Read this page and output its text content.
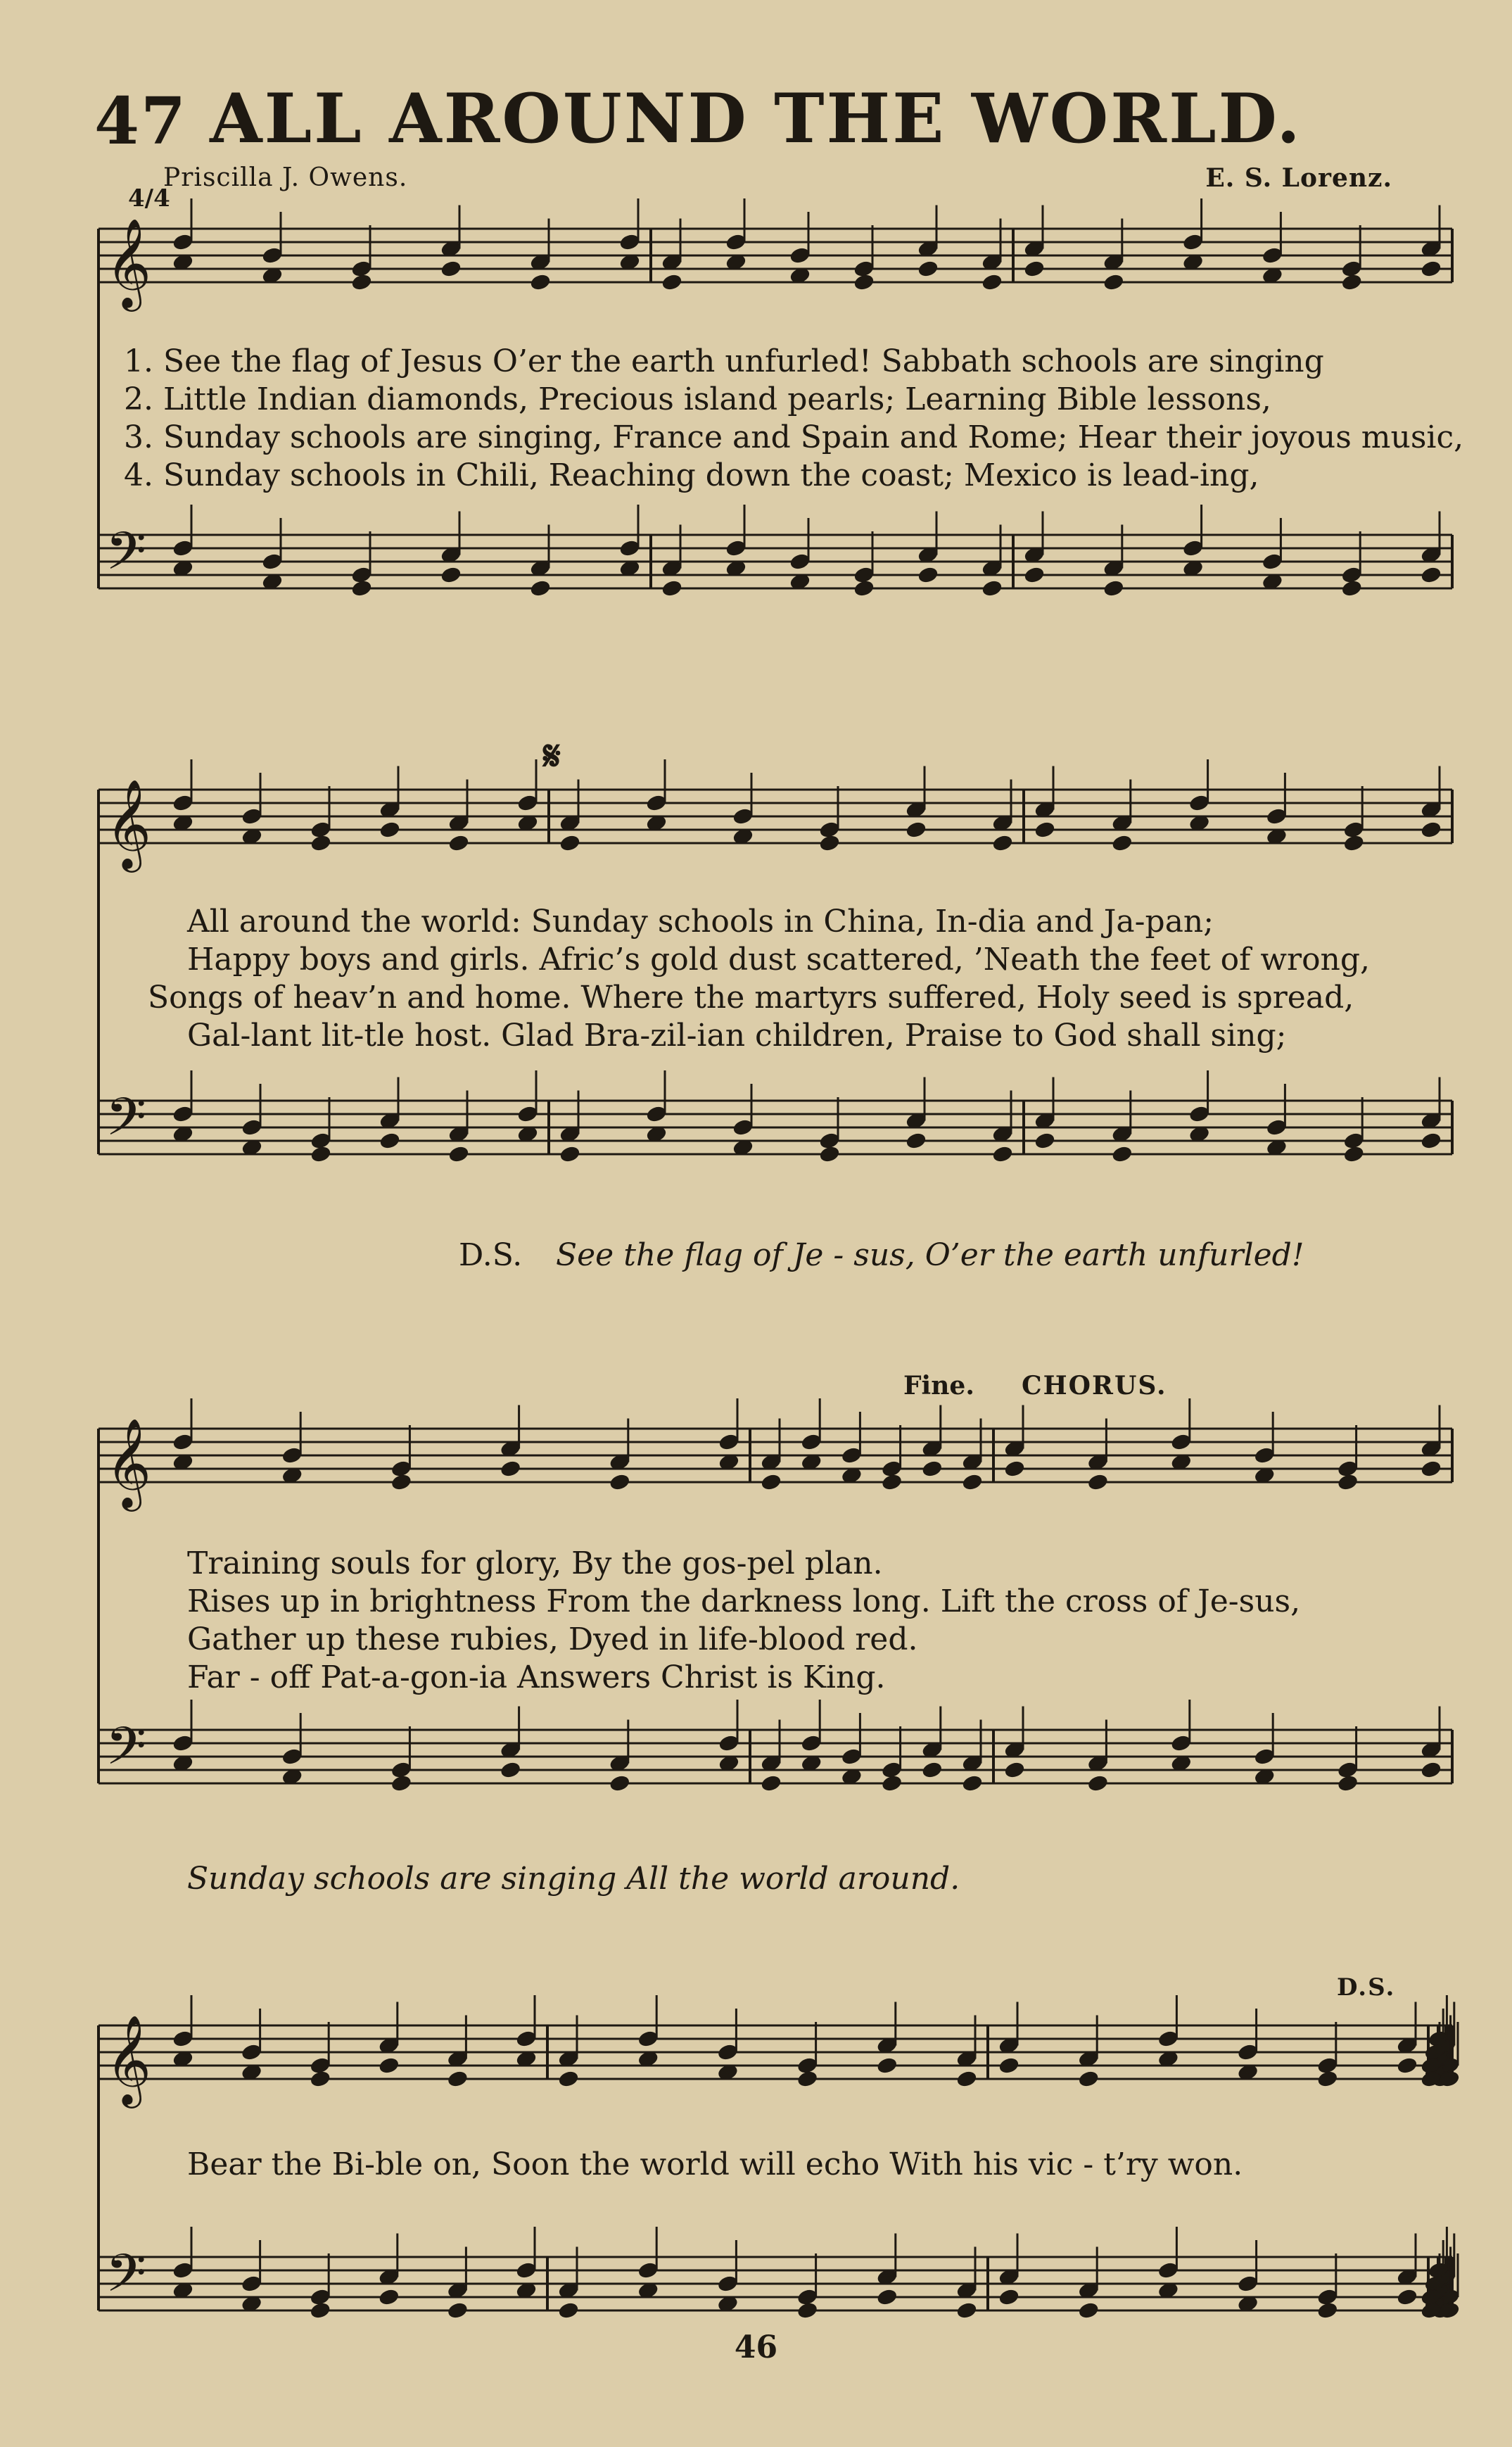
47 ALL AROUND THE WORLD.
Priscilla J. Owens.	E. S. Lorenz.
𝄞
𝄢
𝄞
𝄢
𝄞
𝄢
𝄞
𝄢
4/4
1. See the flag of Jesus O’er the earth unfurled! Sabbath schools are singing
2. Little Indian diamonds, Precious island pearls; Learning Bible lessons,
3. Sunday schools are singing, France and Spain and Rome; Hear their joyous music,
4. Sunday schools in Chili, Reaching down the coast; Mexico is lead-ing,
𝄋
All around the world: Sunday schools in China, In-dia and Ja-pan;
Happy boys and girls. Afric’s gold dust scattered, ’Neath the feet of wrong,
Songs of heav’n and home. Where the martyrs suffered, Holy seed is spread,
Gal-lant lit-tle host. Glad Bra-zil-ian children, Praise to God shall sing;
D.S. See the flag of Je - sus, O’er the earth unfurled!
Fine. CHORUS.
Training souls for glory, By the gos-pel plan.
Rises up in brightness From the darkness long. Lift the cross of Je-sus,
Gather up these rubies, Dyed in life-blood red.
Far - off Pat-a-gon-ia Answers Christ is King.
Sunday schools are singing All the world around.
D.S.
Bear the Bi-ble on, Soon the world will echo With his vic - t’ry won.
46
